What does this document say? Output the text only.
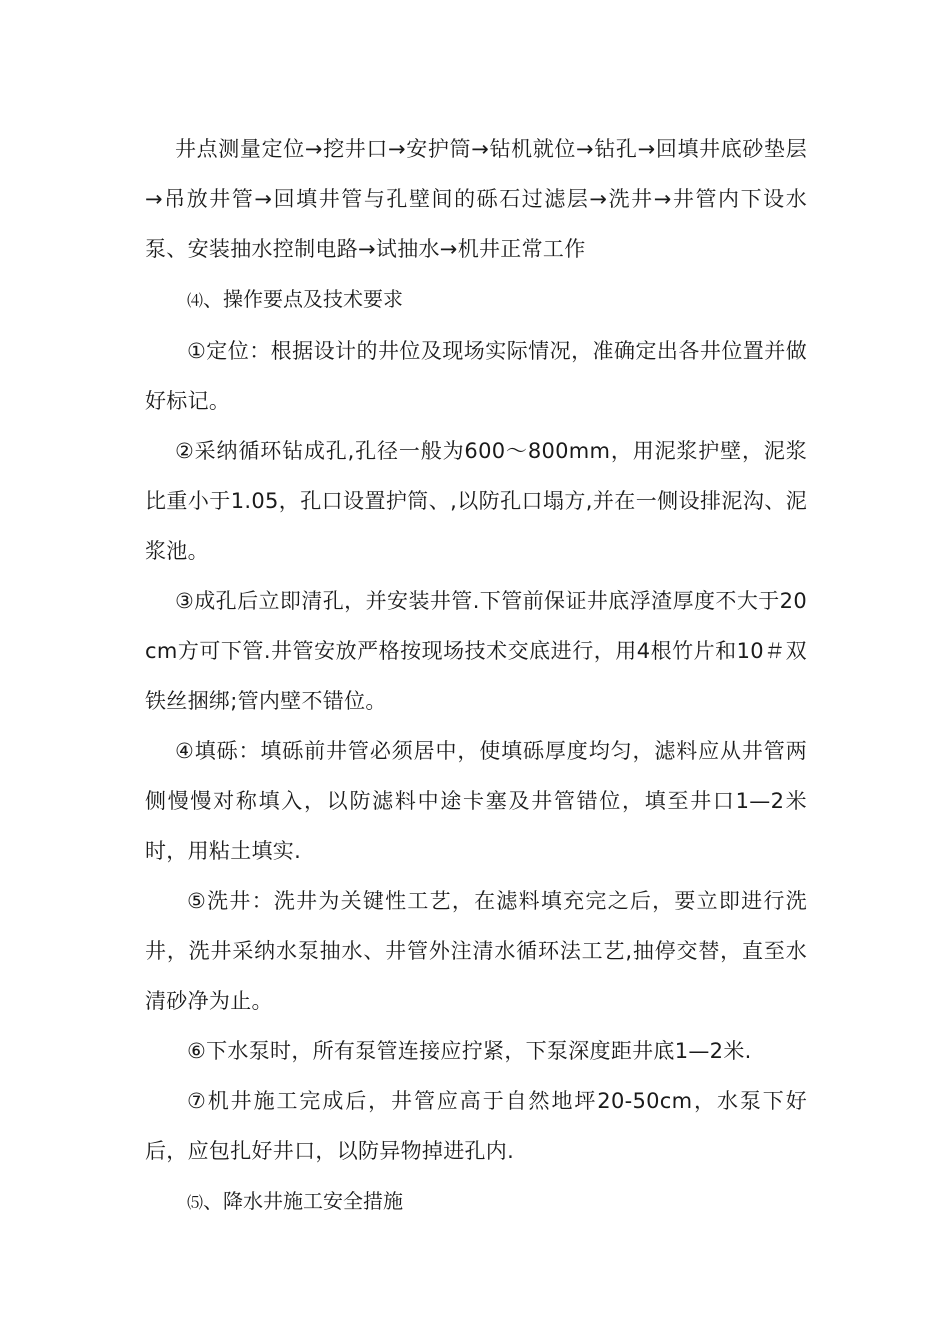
井点测量定位→挖井口→安护筒→钻机就位→钻孔→回填井底砂垫层→吊放井管→回填井管与孔壁间的砾石过滤层→洗井→井管内下设水泵、安装抽水控制电路→试抽水→机井正常工作

⑷、操作要点及技术要求

①定位：根据设计的井位及现场实际情况，准确定出各井位置并做好标记。

②采纳循环钻成孔,孔径一般为600～800mm，用泥浆护壁，泥浆比重小于1.05，孔口设置护筒、,以防孔口塌方,并在一侧设排泥沟、泥浆池。

③成孔后立即清孔，并安装井管.下管前保证井底浮渣厚度不大于20cm方可下管.井管安放严格按现场技术交底进行，用4根竹片和10＃双铁丝捆绑;管内壁不错位。

④填砾：填砾前井管必须居中，使填砾厚度均匀，滤料应从井管两侧慢慢对称填入，以防滤料中途卡塞及井管错位，填至井口1—2米时，用粘土填实.

⑤洗井：洗井为关键性工艺，在滤料填充完之后，要立即进行洗井，洗井采纳水泵抽水、井管外注清水循环法工艺,抽停交替，直至水清砂净为止。

⑥下水泵时，所有泵管连接应拧紧，下泵深度距井底1—2米.

⑦机井施工完成后，井管应高于自然地坪20-50cm，水泵下好后，应包扎好井口，以防异物掉进孔内.

⑸、降水井施工安全措施
